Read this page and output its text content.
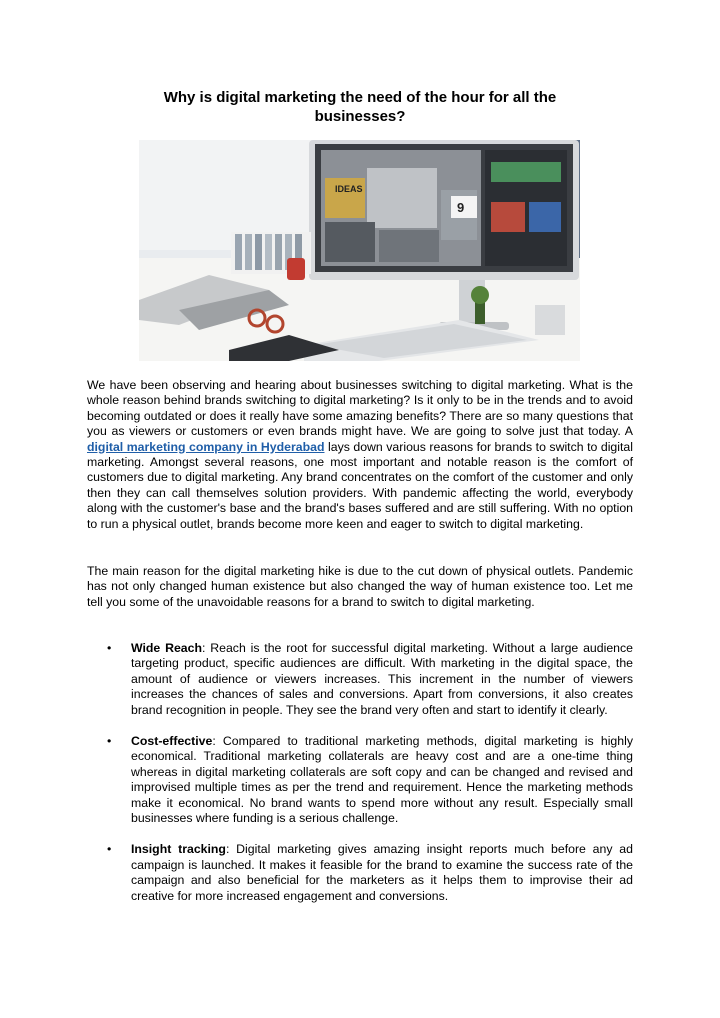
Why is digital marketing the need of the hour for all the businesses?
IDEAS
9
We have been observing and hearing about businesses switching to digital marketing. What is the whole reason behind brands switching to digital marketing? Is it only to be in the trends and to avoid becoming outdated or does it really have some amazing benefits? There are so many questions that you as viewers or customers or even brands might have. We are going to solve just that today. A digital marketing company in Hyderabad lays down various reasons for brands to switch to digital marketing. Amongst several reasons, one most important and notable reason is the comfort of customers due to digital marketing. Any brand concentrates on the comfort of the customer and only then they can call themselves solution providers. With pandemic affecting the world, everybody along with the customer's base and the brand's bases suffered and are still suffering. With no option to run a physical outlet, brands become more keen and eager to switch to digital marketing.
The main reason for the digital marketing hike is due to the cut down of physical outlets. Pandemic has not only changed human existence but also changed the way of human existence too. Let me tell you some of the unavoidable reasons for a brand to switch to digital marketing.
• Wide Reach: Reach is the root for successful digital marketing. Without a large audience targeting product, specific audiences are difficult. With marketing in the digital space, the amount of audience or viewers increases. This increment in the number of viewers increases the chances of sales and conversions. Apart from conversions, it also creates brand recognition in people. They see the brand very often and start to identify it clearly.
• Cost-effective: Compared to traditional marketing methods, digital marketing is highly economical. Traditional marketing collaterals are heavy cost and are a one-time thing whereas in digital marketing collaterals are soft copy and can be changed and revised and improvised multiple times as per the trend and requirement. Hence the marketing methods make it economical. No brand wants to spend more without any result. Especially small businesses where funding is a serious challenge.
• Insight tracking: Digital marketing gives amazing insight reports much before any ad campaign is launched. It makes it feasible for the brand to examine the success rate of the campaign and also beneficial for the marketers as it helps them to improvise their ad creative for more increased engagement and conversions.
